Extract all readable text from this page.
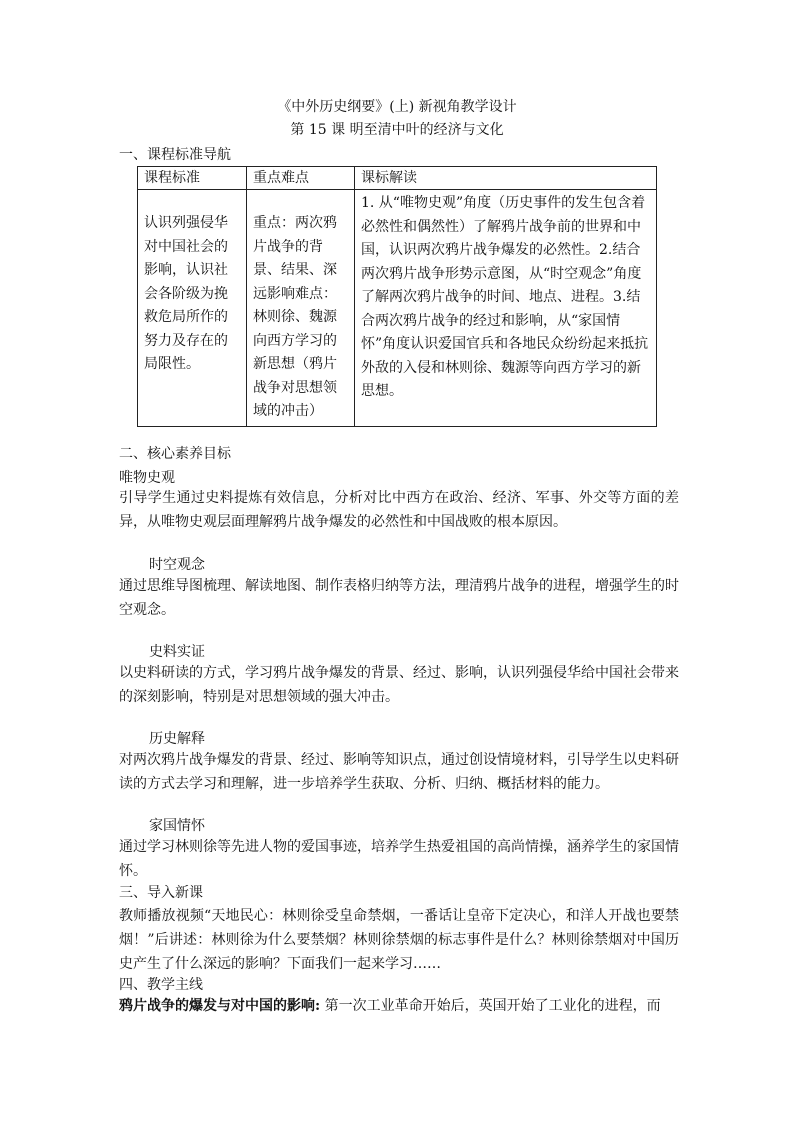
《中外历史纲要》(上) 新视角教学设计
第 15 课 明至清中叶的经济与文化
一、课程标准导航
课程标准	重点难点	课标解读

认识列强侵华对中国社会的影响，认识社会各阶级为挽救危局所作的努力及存在的局限性。	重点：两次鸦片战争的背景、结果、深远影响难点：林则徐、魏源向西方学习的新思想（鸦片战争对思想领域的冲击）	1. 从“唯物史观”角度（历史事件的发生包含着必然性和偶然性）了解鸦片战争前的世界和中国，认识两次鸦片战争爆发的必然性。2.结合两次鸦片战争形势示意图，从“时空观念”角度了解两次鸦片战争的时间、地点、进程。3.结合两次鸦片战争的经过和影响，从“家国情怀”角度认识爱国官兵和各地民众纷纷起来抵抗外敌的入侵和林则徐、魏源等向西方学习的新思想。
二、核心素养目标
唯物史观
引导学生通过史料提炼有效信息，分析对比中西方在政治、经济、军事、外交等方面的差异，从唯物史观层面理解鸦片战争爆发的必然性和中国战败的根本原因。
时空观念
通过思维导图梳理、解读地图、制作表格归纳等方法，理清鸦片战争的进程，增强学生的时空观念。
史料实证
以史料研读的方式，学习鸦片战争爆发的背景、经过、影响，认识列强侵华给中国社会带来的深刻影响，特别是对思想领域的强大冲击。
历史解释
对两次鸦片战争爆发的背景、经过、影响等知识点，通过创设情境材料，引导学生以史料研读的方式去学习和理解，进一步培养学生获取、分析、归纳、概括材料的能力。
家国情怀
通过学习林则徐等先进人物的爱国事迹，培养学生热爱祖国的高尚情操，涵养学生的家国情怀。
三、导入新课
教师播放视频“天地民心：林则徐受皇命禁烟，一番话让皇帝下定决心，和洋人开战也要禁烟！”后讲述：林则徐为什么要禁烟？林则徐禁烟的标志事件是什么？林则徐禁烟对中国历史产生了什么深远的影响？下面我们一起来学习……
四、教学主线
鸦片战争的爆发与对中国的影响: 第一次工业革命开始后，英国开始了工业化的进程，而
